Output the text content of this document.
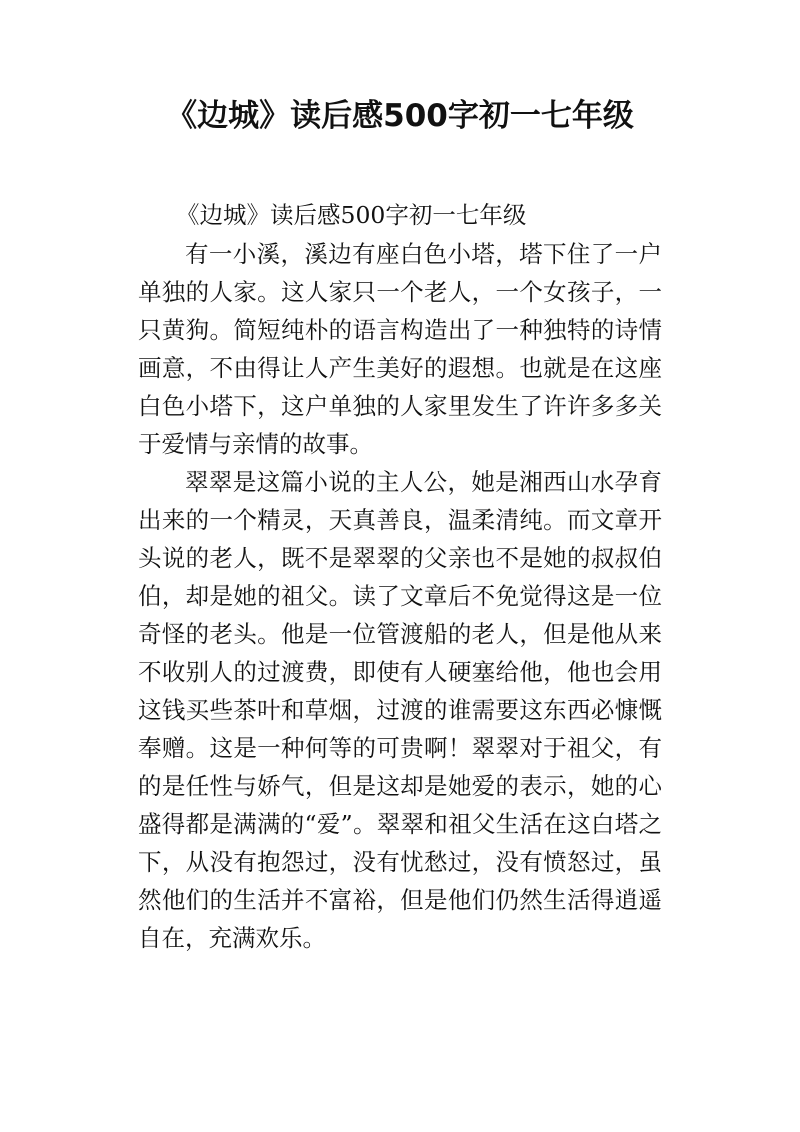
《边城》读后感500字初一七年级

《边城》读后感500字初一七年级

有一小溪，溪边有座白色小塔，塔下住了一户单独的人家。这人家只一个老人，一个女孩子，一只黄狗。简短纯朴的语言构造出了一种独特的诗情画意，不由得让人产生美好的遐想。也就是在这座白色小塔下，这户单独的人家里发生了许许多多关于爱情与亲情的故事。

翠翠是这篇小说的主人公，她是湘西山水孕育出来的一个精灵，天真善良，温柔清纯。而文章开头说的老人，既不是翠翠的父亲也不是她的叔叔伯伯，却是她的祖父。读了文章后不免觉得这是一位奇怪的老头。他是一位管渡船的老人，但是他从来不收别人的过渡费，即使有人硬塞给他，他也会用这钱买些茶叶和草烟，过渡的谁需要这东西必慷慨奉赠。这是一种何等的可贵啊！翠翠对于祖父，有的是任性与娇气，但是这却是她爱的表示，她的心盛得都是满满的“爱”。翠翠和祖父生活在这白塔之下，从没有抱怨过，没有忧愁过，没有愤怒过，虽然他们的生活并不富裕，但是他们仍然生活得逍遥自在，充满欢乐。
